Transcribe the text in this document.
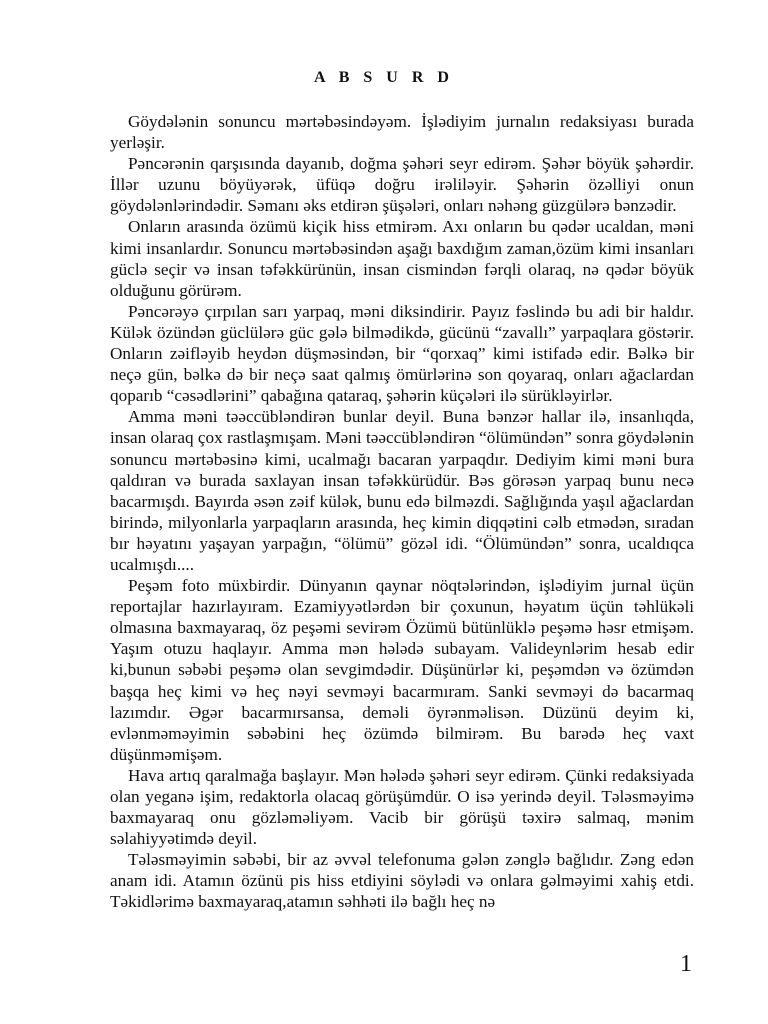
A B S U R D

Göydələnin sonuncu mərtəbəsindəyəm. İşlədiyim jurnalın redaksiyası burada yerləşir.

Pəncərənin qarşısında dayanıb, doğma şəhəri seyr edirəm. Şəhər böyük şəhərdir. İllər uzunu böyüyərək, üfüqə doğru irəliləyir. Şəhərin özəlliyi onun göydələnlərindədir. Səmanı əks etdirən şüşələri, onları nəhəng güzgülərə bənzədir.

Onların arasında özümü kiçik hiss etmirəm. Axı onların bu qədər ucaldan, məni kimi insanlardır. Sonuncu mərtəbəsindən aşağı baxdığım zaman,özüm kimi insanları güclə seçir və insan təfəkkürünün, insan cismindən fərqli olaraq, nə qədər böyük olduğunu görürəm.

Pəncərəyə çırpılan sarı yarpaq, məni diksindirir. Payız fəslində bu adi bir haldır. Külək özündən güclülərə güc gələ bilmədikdə, gücünü “zavallı” yarpaqlara göstərir. Onların zəifləyib heydən düşməsindən, bir “qorxaq” kimi istifadə edir. Bəlkə bir neçə gün, bəlkə də bir neçə saat qalmış ömürlərinə son qoyaraq, onları ağaclardan qoparıb “cəsədlərini” qabağına qataraq, şəhərin küçələri ilə sürükləyirlər.

Amma məni təəccübləndirən bunlar deyil. Buna bənzər hallar ilə, insanlıqda, insan olaraq çox rastlaşmışam. Məni təəccübləndirən “ölümündən” sonra göydələnin sonuncu mərtəbəsinə kimi, ucalmağı bacaran yarpaqdır. Dediyim kimi məni bura qaldıran və burada saxlayan insan təfəkkürüdür. Bəs görəsən yarpaq bunu necə bacarmışdı. Bayırda əsən zəif külək, bunu edə bilməzdi. Sağlığında yaşıl ağaclardan birində, milyonlarla yarpaqların arasında, heç kimin diqqətini cəlb etmədən, sıradan bır həyatını yaşayan yarpağın, “ölümü” gözəl idi. “Ölümündən” sonra, ucaldıqca ucalmışdı....

Peşəm foto müxbirdir. Dünyanın qaynar nöqtələrindən, işlədiyim jurnal üçün reportajlar hazırlayıram. Ezamiyyətlərdən bir çoxunun, həyatım üçün təhlükəli olmasına baxmayaraq, öz peşəmi sevirəm Özümü bütünlüklə peşəmə həsr etmişəm. Yaşım otuzu haqlayır. Amma mən hələdə subayam. Valideynlərim hesab edir ki,bunun səbəbi peşəmə olan sevgimdədir. Düşünürlər ki, peşəmdən və özümdən başqa heç kimi və heç nəyi sevməyi bacarmıram. Sanki sevməyi də bacarmaq lazımdır. Əgər bacarmırsansa, deməli öyrənməlisən. Düzünü deyim ki, evlənməməyimin səbəbini heç özümdə bilmirəm. Bu barədə heç vaxt düşünməmişəm.

Hava artıq qaralmağa başlayır. Mən hələdə şəhəri seyr edirəm. Çünki redaksiyada olan yeganə işim, redaktorla olacaq görüşümdür. O isə yerində deyil. Tələsməyimə baxmayaraq onu gözləməliyəm. Vacib bir görüşü təxirə salmaq, mənim səlahiyyətimdə deyil.

Tələsməyimin səbəbi, bir az əvvəl telefonuma gələn zənglə bağlıdır. Zəng edən anam idi. Atamın özünü pis hiss etdiyini söylədi və onlara gəlməyimi xahiş etdi. Təkidlərimə baxmayaraq,atamın səhhəti ilə bağlı heç nə

1
